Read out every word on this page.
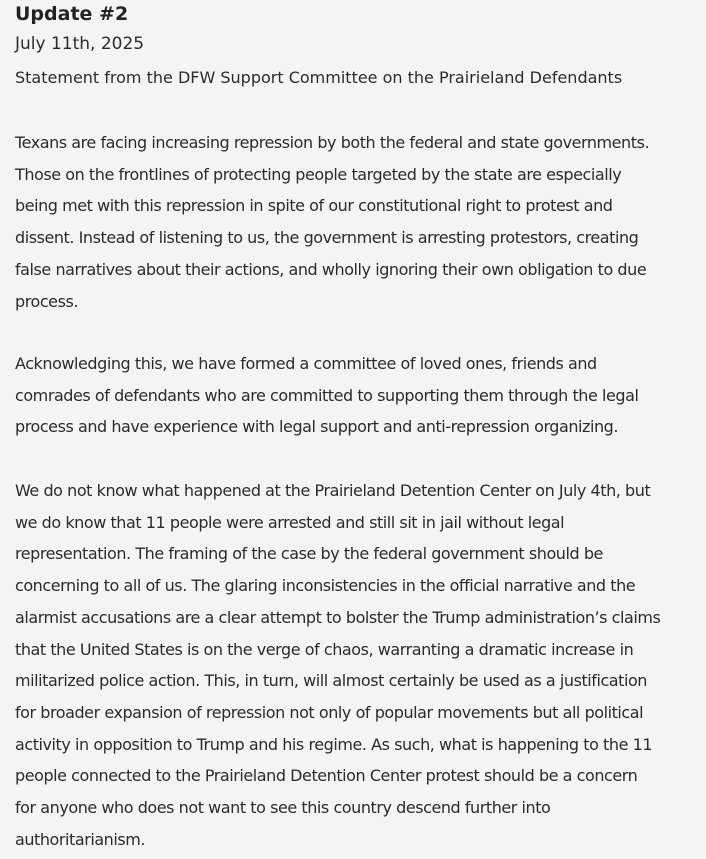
Update #2

July 11th, 2025

Statement from the DFW Support Committee on the Prairieland Defendants

Texans are facing increasing repression by both the federal and state governments.
Those on the frontlines of protecting people targeted by the state are especially
being met with this repression in spite of our constitutional right to protest and
dissent. Instead of listening to us, the government is arresting protestors, creating
false narratives about their actions, and wholly ignoring their own obligation to due
process.

Acknowledging this, we have formed a committee of loved ones, friends and
comrades of defendants who are committed to supporting them through the legal
process and have experience with legal support and anti-repression organizing.

We do not know what happened at the Prairieland Detention Center on July 4th, but
we do know that 11 people were arrested and still sit in jail without legal
representation. The framing of the case by the federal government should be
concerning to all of us. The glaring inconsistencies in the official narrative and the
alarmist accusations are a clear attempt to bolster the Trump administration’s claims
that the United States is on the verge of chaos, warranting a dramatic increase in
militarized police action. This, in turn, will almost certainly be used as a justification
for broader expansion of repression not only of popular movements but all political
activity in opposition to Trump and his regime. As such, what is happening to the 11
people connected to the Prairieland Detention Center protest should be a concern
for anyone who does not want to see this country descend further into
authoritarianism.
